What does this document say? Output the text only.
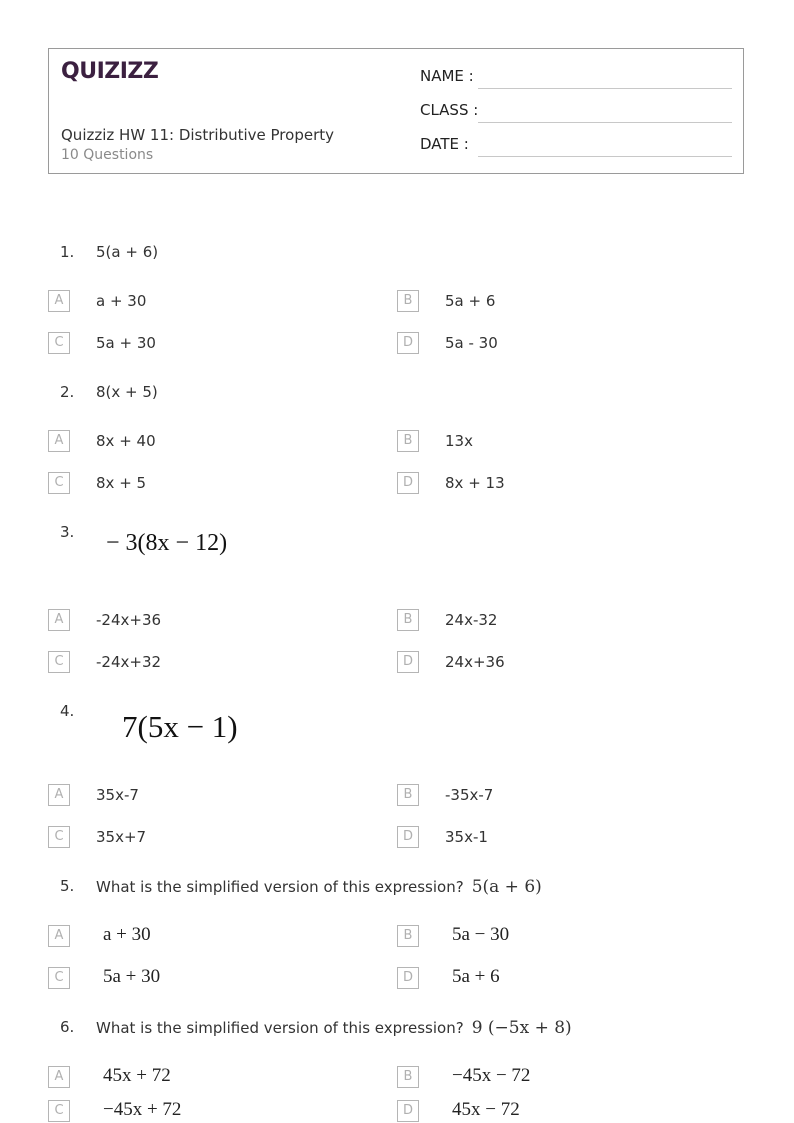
QUIZIZZ
Quizziz HW 11: Distributive Property
10 Questions
NAME :
CLASS :
DATE :
1. 5(a + 6)
A	a + 30	B	5a + 6
C	5a + 30	D	5a - 30
2. 8(x + 5)
A	8x + 40	B	13x
C	8x + 5	D	8x + 13
3. − 3(8x − 12)
A	-24x+36	B	24x-32
C	-24x+32	D	24x+36
4. 7(5x − 1)
A	35x-7	B	-35x-7
C	35x+7	D	35x-1
5. What is the simplified version of this expression? 5(a + 6)
A	a + 30	B	5a − 30
C	5a + 30	D	5a + 6
6. What is the simplified version of this expression? 9 (−5x + 8)
A	45x + 72	B	−45x − 72
C	−45x + 72	D	45x − 72
